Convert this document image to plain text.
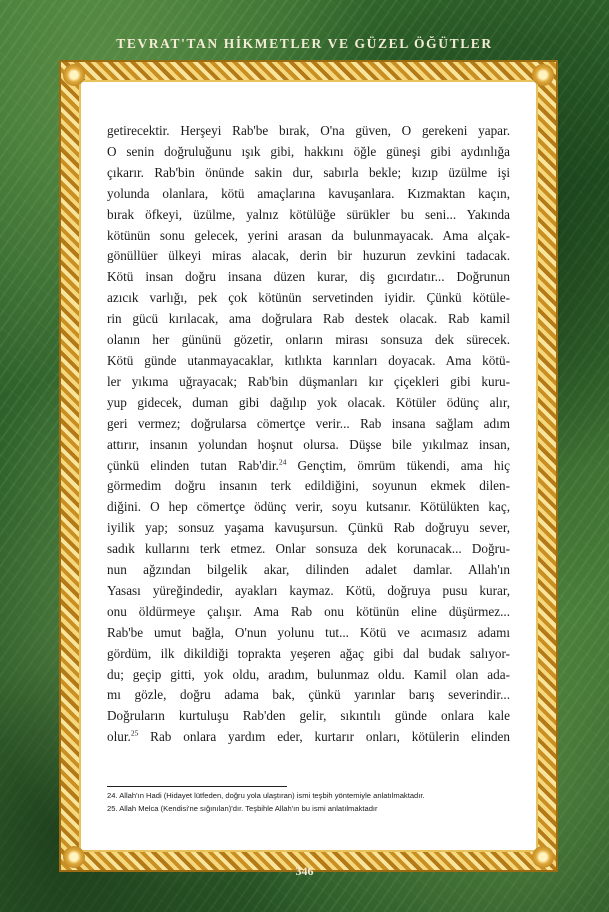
TEVRAT'TAN HİKMETLER VE GÜZEL ÖĞÜTLER

getirecektir. Herşeyi Rab'be bırak, O'na güven, O gerekeni yapar.

O senin doğruluğunu ışık gibi, hakkını öğle güneşi gibi aydınlığa

çıkarır. Rab'bin önünde sakin dur, sabırla bekle; kızıp üzülme işi

yolunda olanlara, kötü amaçlarına kavuşanlara. Kızmaktan kaçın,

bırak öfkeyi, üzülme, yalnız kötülüğe sürükler bu seni... Yakında

kötünün sonu gelecek, yerini arasan da bulunmayacak. Ama alçak-

gönüllüer ülkeyi miras alacak, derin bir huzurun zevkini tadacak.

Kötü insan doğru insana düzen kurar, diş gıcırdatır... Doğrunun

azıcık varlığı, pek çok kötünün servetinden iyidir. Çünkü kötüle-

rin gücü kırılacak, ama doğrulara Rab destek olacak. Rab kamil

olanın her gününü gözetir, onların mirası sonsuza dek sürecek.

Kötü günde utanmayacaklar, kıtlıkta karınları doyacak. Ama kötü-

ler yıkıma uğrayacak; Rab'bin düşmanları kır çiçekleri gibi kuru-

yup gidecek, duman gibi dağılıp yok olacak. Kötüler ödünç alır,

geri vermez; doğrularsa cömertçe verir... Rab insana sağlam adım

attırır, insanın yolundan hoşnut olursa. Düşse bile yıkılmaz insan,

çünkü elinden tutan Rab'dir.$^{24}$ Gençtim, ömrüm tükendi, ama hiç

görmedim doğru insanın terk edildiğini, soyunun ekmek dilen-

diğini. O hep cömertçe ödünç verir, soyu kutsanır. Kötülükten kaç,

iyilik yap; sonsuz yaşama kavuşursun. Çünkü Rab doğruyu sever,

sadık kullarını terk etmez. Onlar sonsuza dek korunacak... Doğru-

nun ağzından bilgelik akar, dilinden adalet damlar. Allah'ın

Yasası yüreğindedir, ayakları kaymaz. Kötü, doğruya pusu kurar,

onu öldürmeye çalışır. Ama Rab onu kötünün eline düşürmez...

Rab'be umut bağla, O'nun yolunu tut... Kötü ve acımasız adamı

gördüm, ilk dikildiği toprakta yeşeren ağaç gibi dal budak salıyor-

du; geçip gitti, yok oldu, aradım, bulunmaz oldu. Kamil olan ada-

mı gözle, doğru adama bak, çünkü yarınlar barış severindir...

Doğruların kurtuluşu Rab'den gelir, sıkıntılı günde onlara kale

olur.$^{25}$ Rab onlara yardım eder, kurtarır onları, kötülerin elinden

24. Allah'ın Hadi (Hidayet lütfeden, doğru yola ulaştıran) ismi teşbih yöntemiyle anlatılmaktadır.
25. Allah Melca (Kendisi'ne sığınılan)'dır. Teşbihle Allah'ın bu ismi anlatılmaktadır
346
